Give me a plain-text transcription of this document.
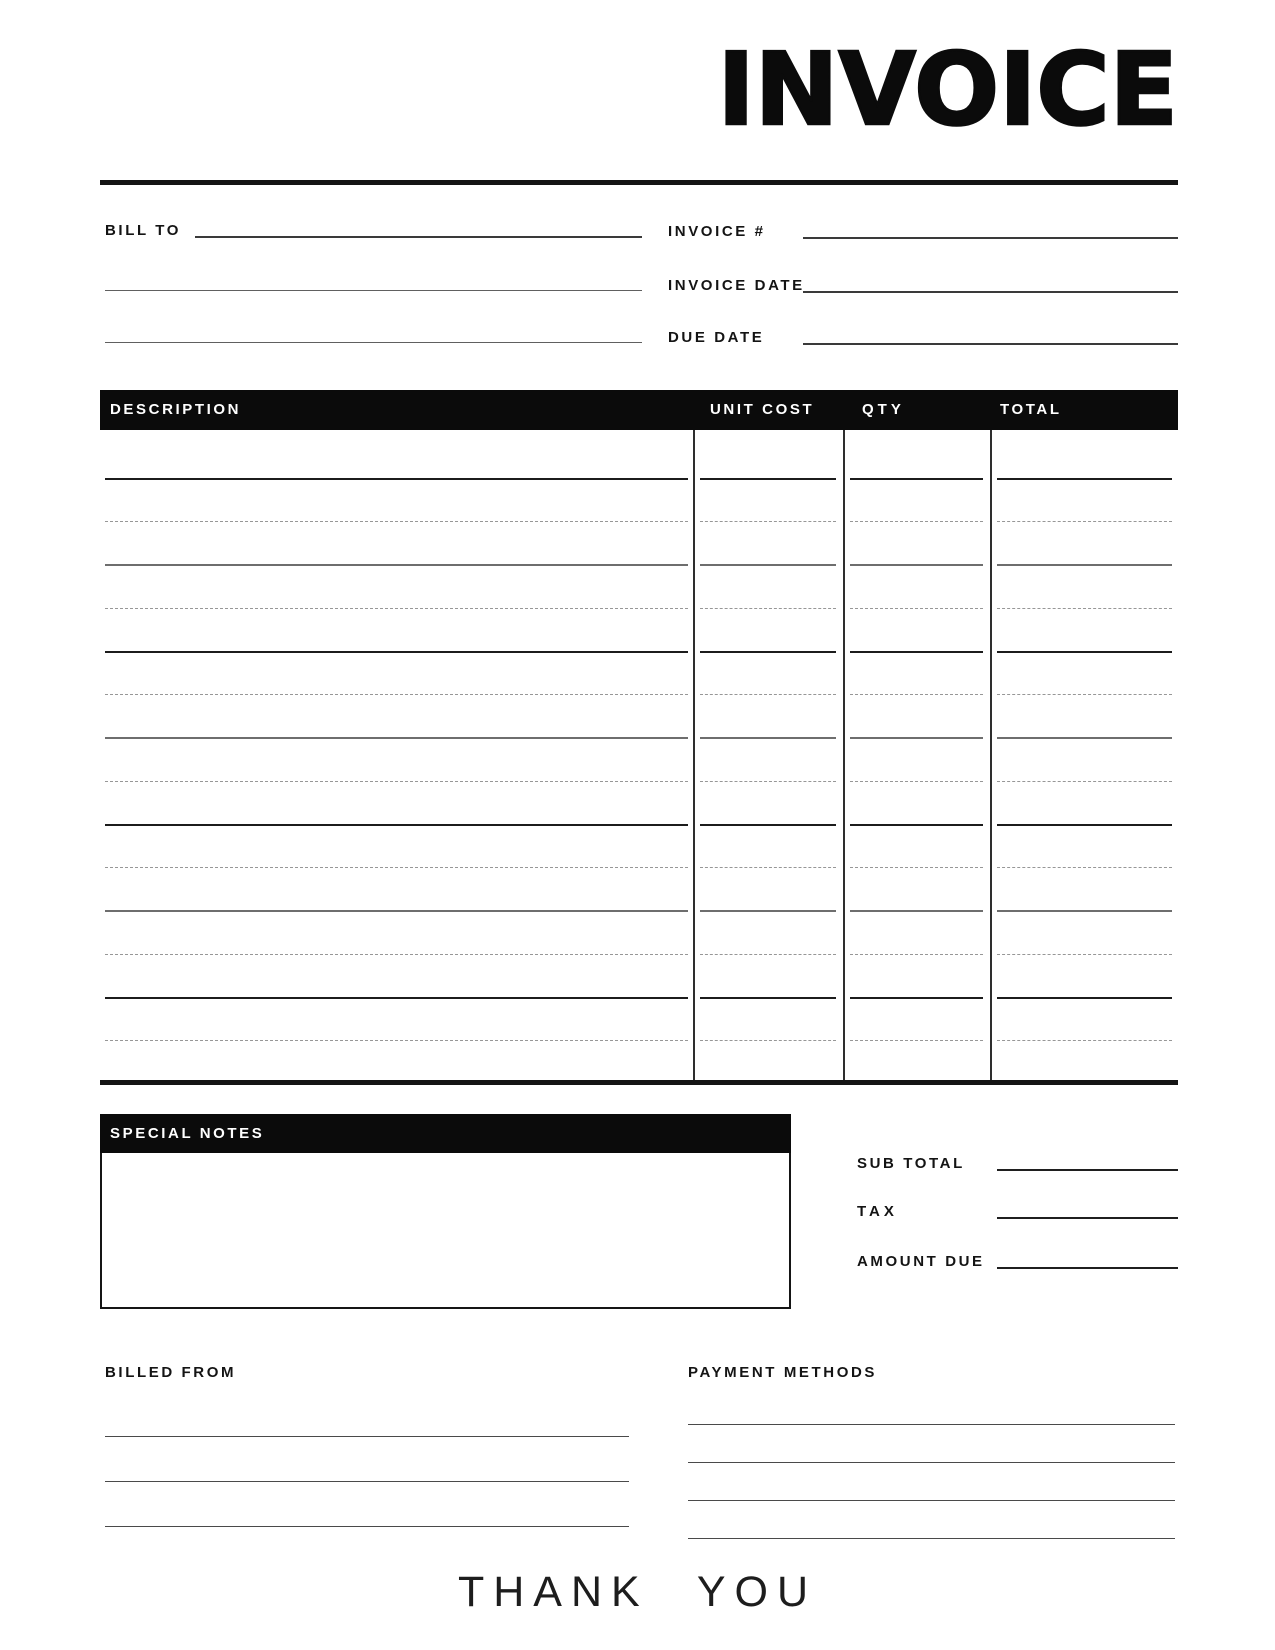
INVOICE
BILL TO	INVOICE #
INVOICE DATE
DUE DATE
DESCRIPTION	UNIT COST	QTY	TOTAL
SPECIAL NOTES
SUB TOTAL
TAX
AMOUNT DUE
BILLED FROM	PAYMENT METHODS

THANK YOU
